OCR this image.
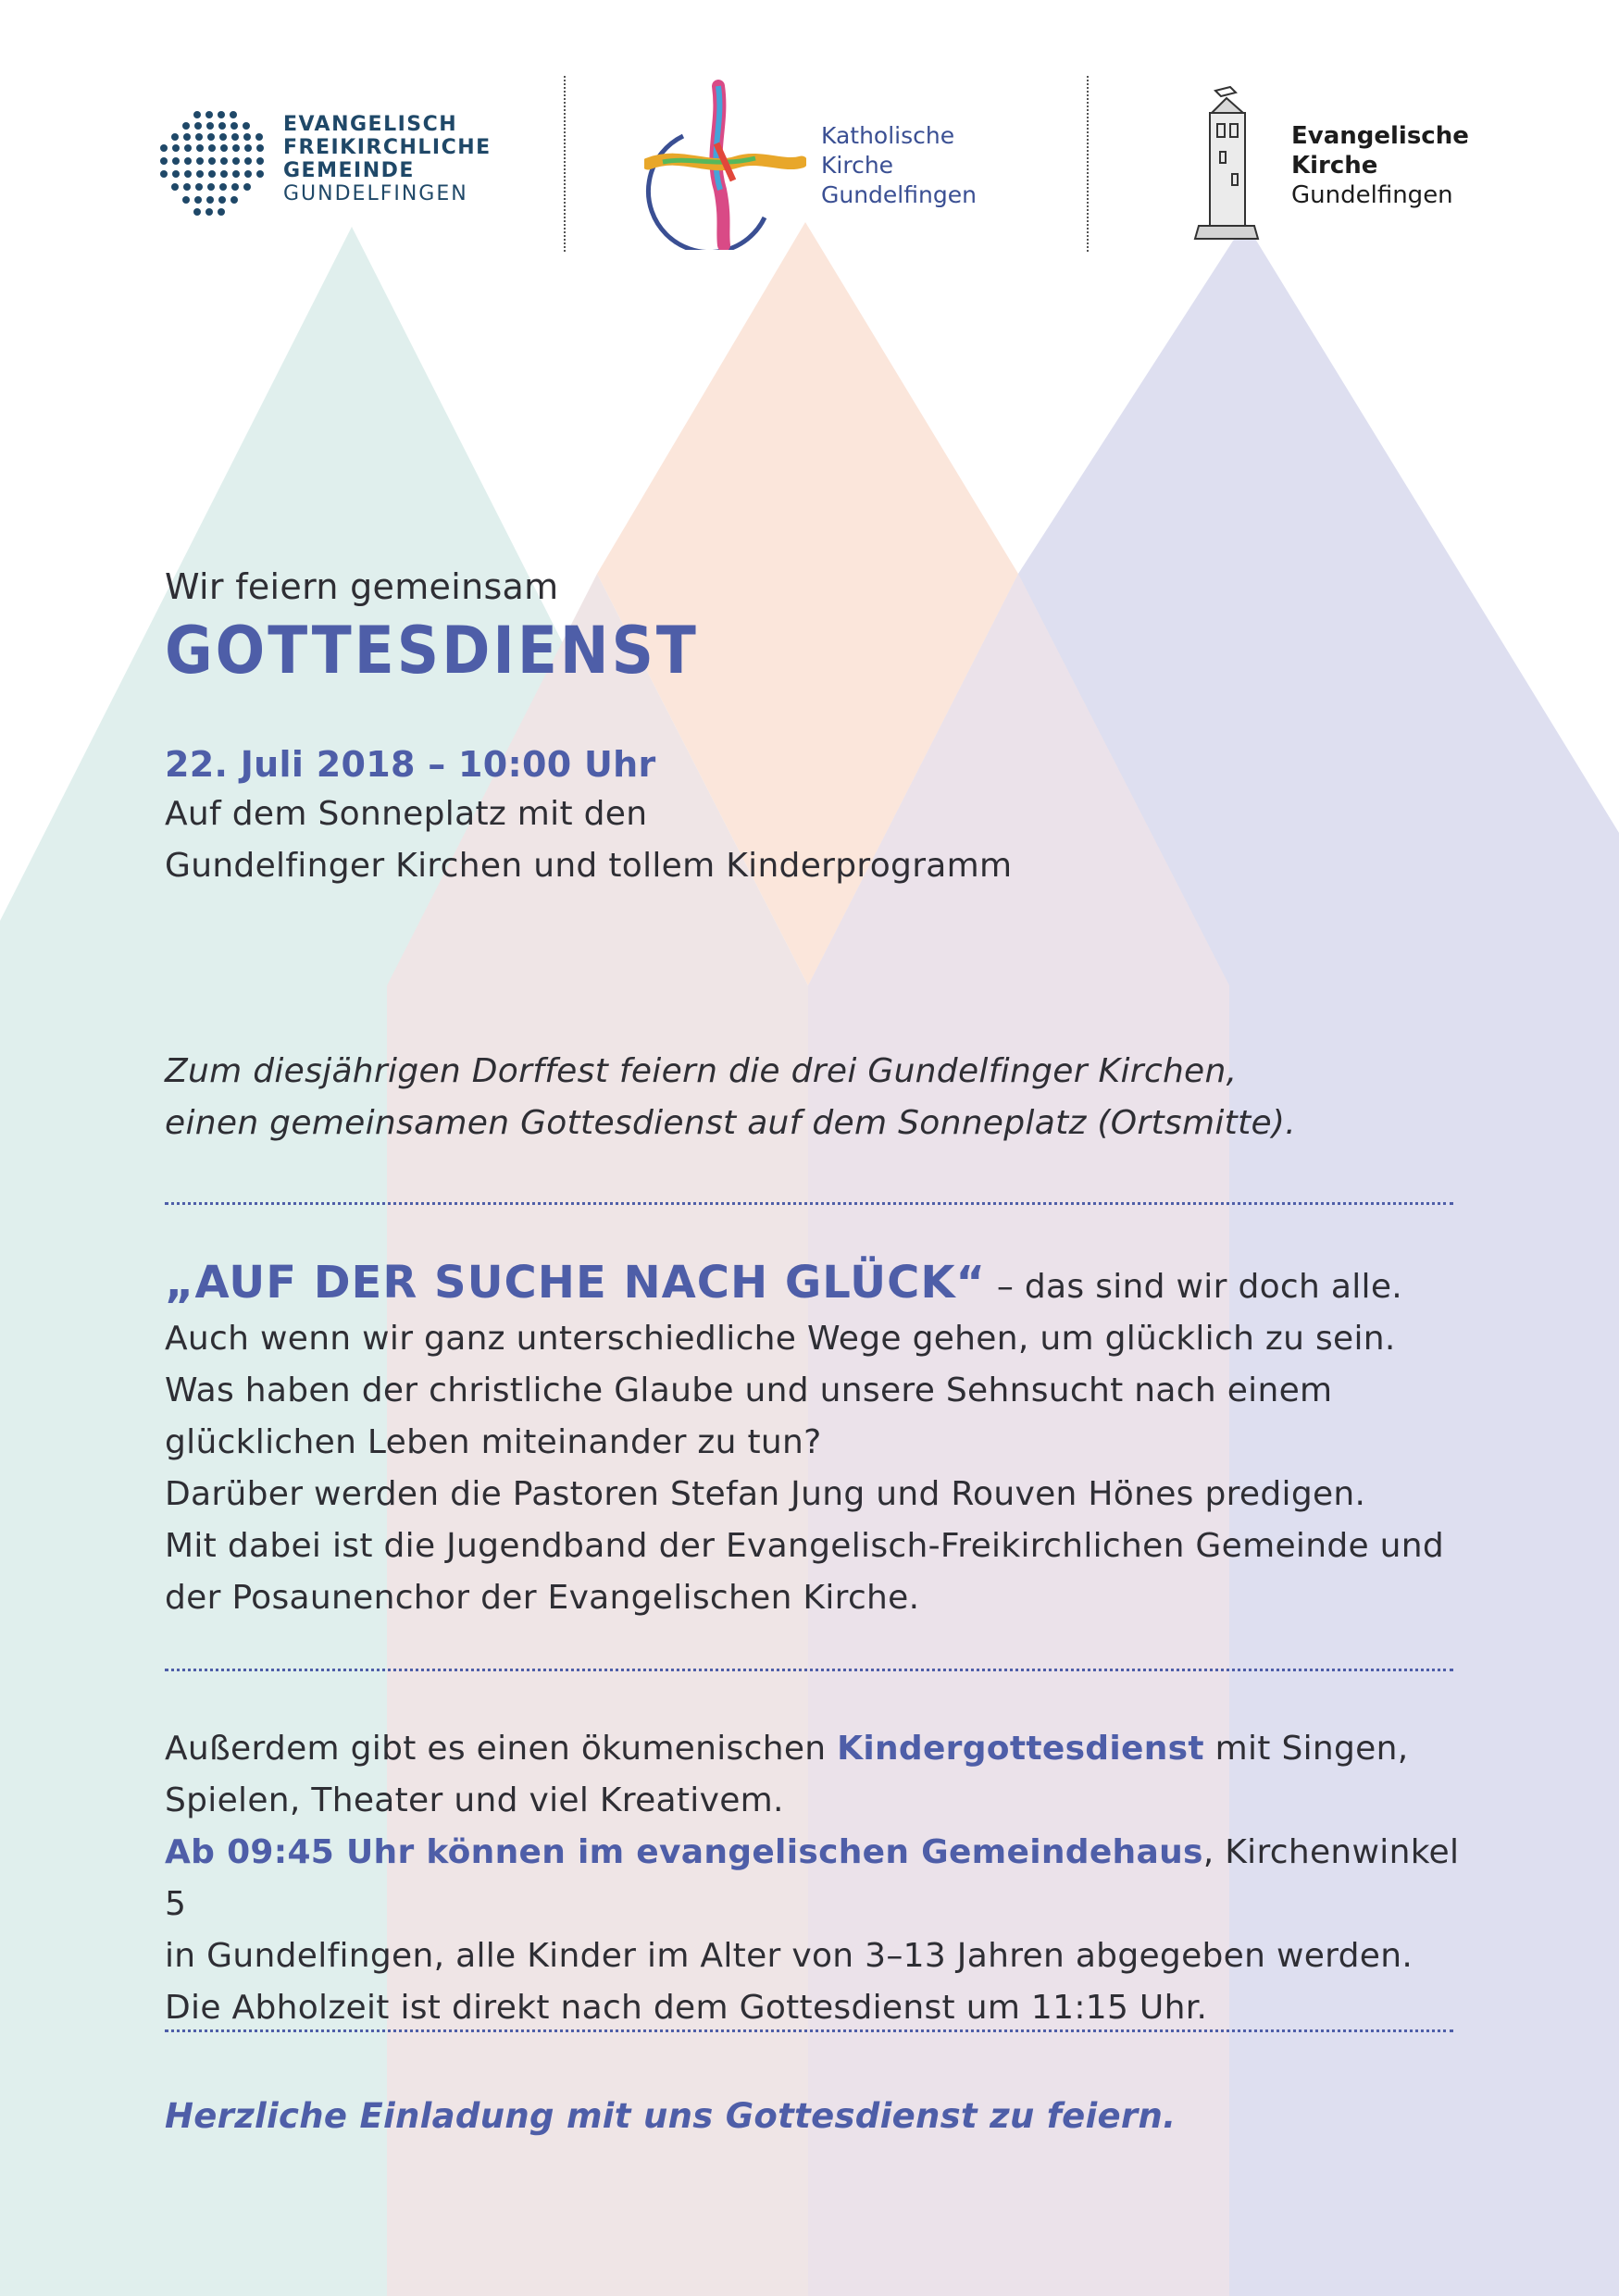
EVANGELISCH
FREIKIRCHLICHE
GEMEINDE
GUNDELFINGEN
Katholische
Kirche
Gundelfingen
Evangelische
Kirche
Gundelfingen
Wir feiern gemeinsam
GOTTESDIENST
22. Juli 2018 – 10:00 Uhr
Auf dem Sonneplatz mit den
Gundelfinger Kirchen und tollem Kinderprogramm
Zum diesjährigen Dorffest feiern die drei Gundelfinger Kirchen,
einen gemeinsamen Gottesdienst auf dem Sonneplatz (Ortsmitte).
„AUF DER SUCHE NACH GLÜCK“ – das sind wir doch alle.
Auch wenn wir ganz unterschiedliche Wege gehen, um glücklich zu sein.
Was haben der christliche Glaube und unsere Sehnsucht nach einem
glücklichen Leben miteinander zu tun?
Darüber werden die Pastoren Stefan Jung und Rouven Hönes predigen.
Mit dabei ist die Jugendband der Evangelisch-Freikirchlichen Gemeinde und
der Posaunenchor der Evangelischen Kirche.
Außerdem gibt es einen ökumenischen Kindergottesdienst mit Singen,
Spielen, Theater und viel Kreativem.
Ab 09:45 Uhr können im evangelischen Gemeindehaus, Kirchenwinkel 5
in Gundelfingen, alle Kinder im Alter von 3–13 Jahren abgegeben werden.
Die Abholzeit ist direkt nach dem Gottesdienst um 11:15 Uhr.
Herzliche Einladung mit uns Gottesdienst zu feiern.
